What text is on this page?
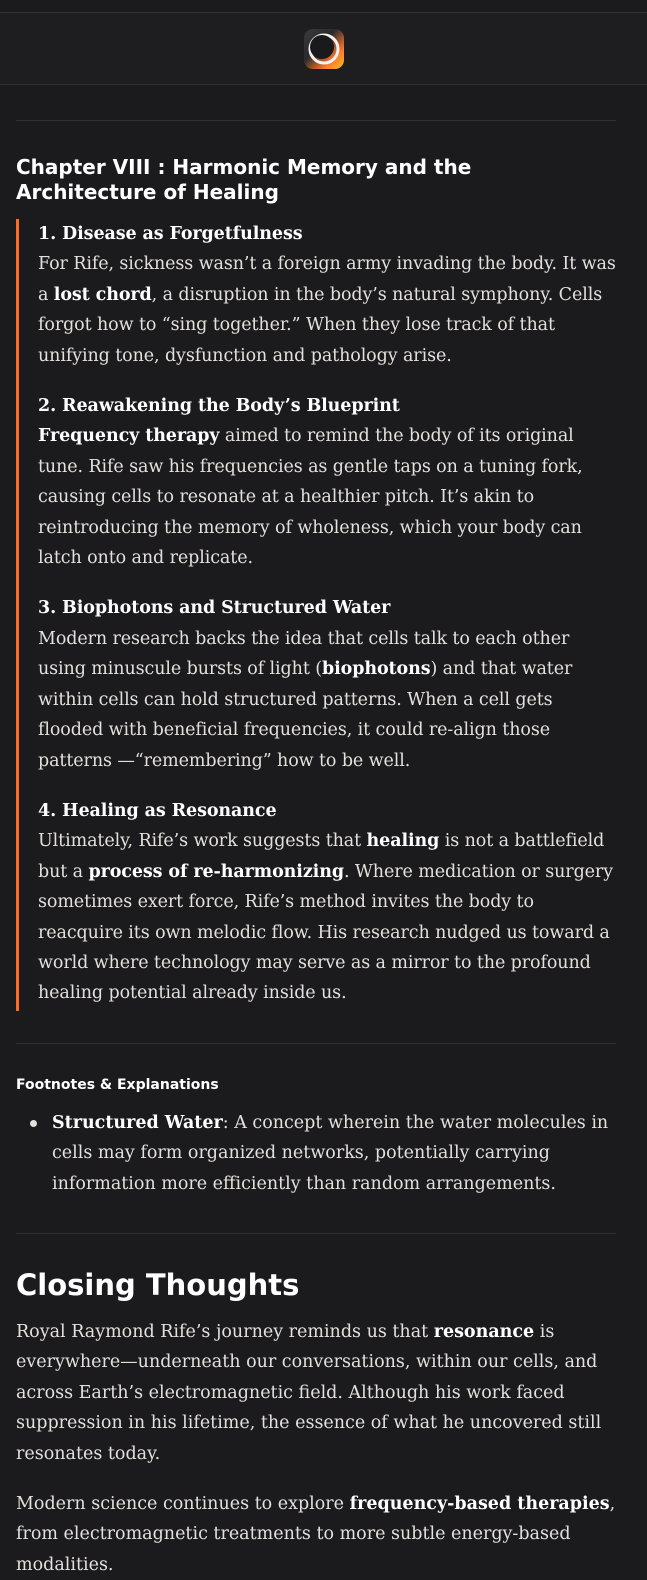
Chapter VIII : Harmonic Memory and the Architecture of Healing

1. Disease as Forgetfulness
For Rife, sickness wasn’t a foreign army invading the body. It was a lost chord, a disruption in the body’s natural symphony. Cells forgot how to “sing together.” When they lose track of that unifying tone, dysfunction and pathology arise.

2. Reawakening the Body’s Blueprint
Frequency therapy aimed to remind the body of its original tune. Rife saw his frequencies as gentle taps on a tuning fork, causing cells to resonate at a healthier pitch. It’s akin to reintroducing the memory of wholeness, which your body can latch onto and replicate.

3. Biophotons and Structured Water
Modern research backs the idea that cells talk to each other using minuscule bursts of light (biophotons) and that water within cells can hold structured patterns. When a cell gets flooded with beneficial frequencies, it could re-align those patterns —“remembering” how to be well.

4. Healing as Resonance
Ultimately, Rife’s work suggests that healing is not a battlefield but a process of re-harmonizing. Where medication or surgery sometimes exert force, Rife’s method invites the body to reacquire its own melodic flow. His research nudged us toward a world where technology may serve as a mirror to the profound healing potential already inside us.

Footnotes & Explanations
Structured Water: A concept wherein the water molecules in cells may form organized networks, potentially carrying information more efficiently than random arrangements.
Closing Thoughts

Royal Raymond Rife’s journey reminds us that resonance is everywhere—underneath our conversations, within our cells, and across Earth’s electromagnetic field. Although his work faced suppression in his lifetime, the essence of what he uncovered still resonates today.

Modern science continues to explore frequency-based therapies, from electromagnetic treatments to more subtle energy-based modalities.
